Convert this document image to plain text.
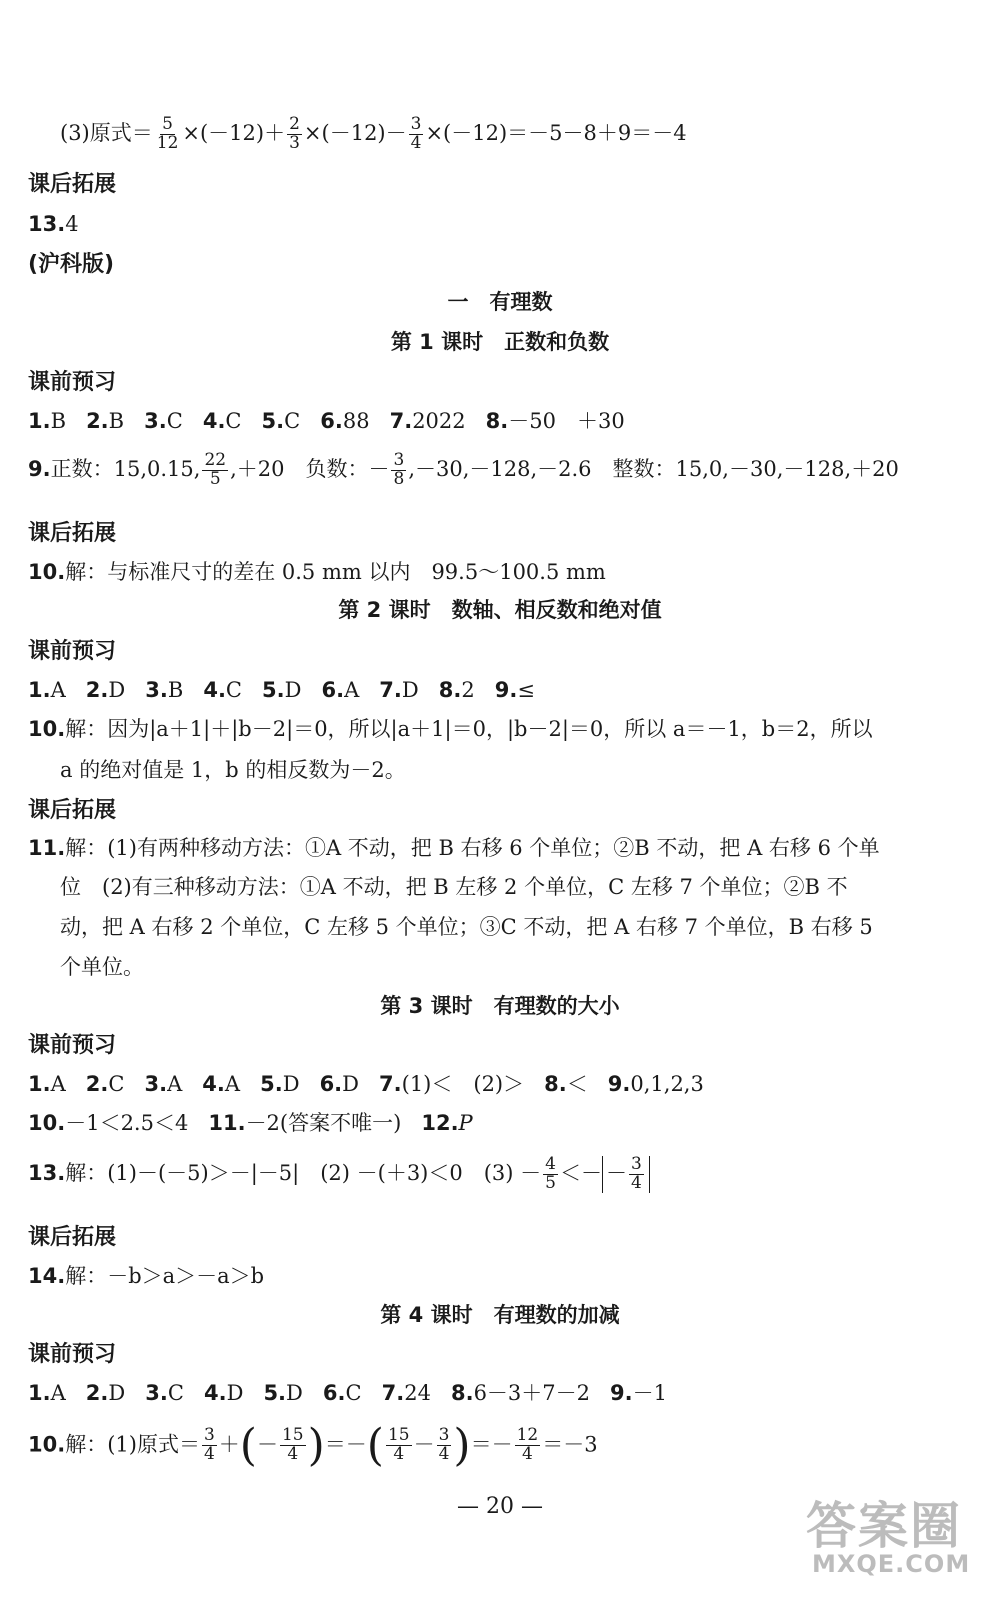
(3)原式＝ $\frac{5}{12} \times(-12)+ \frac{2}{3} \times(-12)- \frac{3}{4} \times(-12)=-5-8+9=-4$
课后拓展
13.4
(沪科版)
一　有理数
第 1 课时　正数和负数
课前预习
1.B 2.B 3.C 4.C 5.C 6.88 7.2022 8.－50　＋30
9.正数：15,0.15, $\frac{22}{5} ,+20$　负数：－ $\frac{3}{8} ,-30,-128,-2.6$　整数：15,0,－30,－128,＋20
课后拓展
10.解：与标准尺寸的差在 0.5 mm 以内　99.5～100.5 mm
第 2 课时　数轴、相反数和绝对值
课前预习
1.A 2.D 3.B 4.C 5.D 6.A 7.D 8.2 9.≤
10.解：因为|a＋1|＋|b－2|＝0，所以|a＋1|＝0，|b－2|＝0，所以 a＝－1，b＝2，所以
a 的绝对值是 1，b 的相反数为－2。
课后拓展
11.解：(1)有两种移动方法：①A 不动，把 B 右移 6 个单位；②B 不动，把 A 右移 6 个单
位　(2)有三种移动方法：①A 不动，把 B 左移 2 个单位，C 左移 7 个单位；②B 不
动，把 A 右移 2 个单位，C 左移 5 个单位；③C 不动，把 A 右移 7 个单位，B 右移 5
个单位。
第 3 课时　有理数的大小
课前预习
1.A 2.C 3.A 4.A 5.D 6.D 7.(1)＜　(2)＞ 8.＜ 9.0,1,2,3
10.－1＜2.5＜4 11.－2(答案不唯一) 12.P
13.解：(1)－(－5)＞－|－5|　(2) －(＋3)＜0　$(3) - \frac{4}{5}$ ＜－ － $\frac{3}{4}$
课后拓展
14.解：－b＞a＞－a＞b
第 4 课时　有理数的加减
课前预习
1.A 2.D 3.C 4.D 5.D 6.C 7.24 8.6－3＋7－2 9.－1
10.解：(1)原式＝ $\frac{3}{4}$ ＋(－ $\frac{15}{4}$ )＝－( $\frac{15}{4} - \frac{3}{4}$ )＝－ $\frac{12}{4} =-3$
— 20 —	答案圈
MXQE.COM
